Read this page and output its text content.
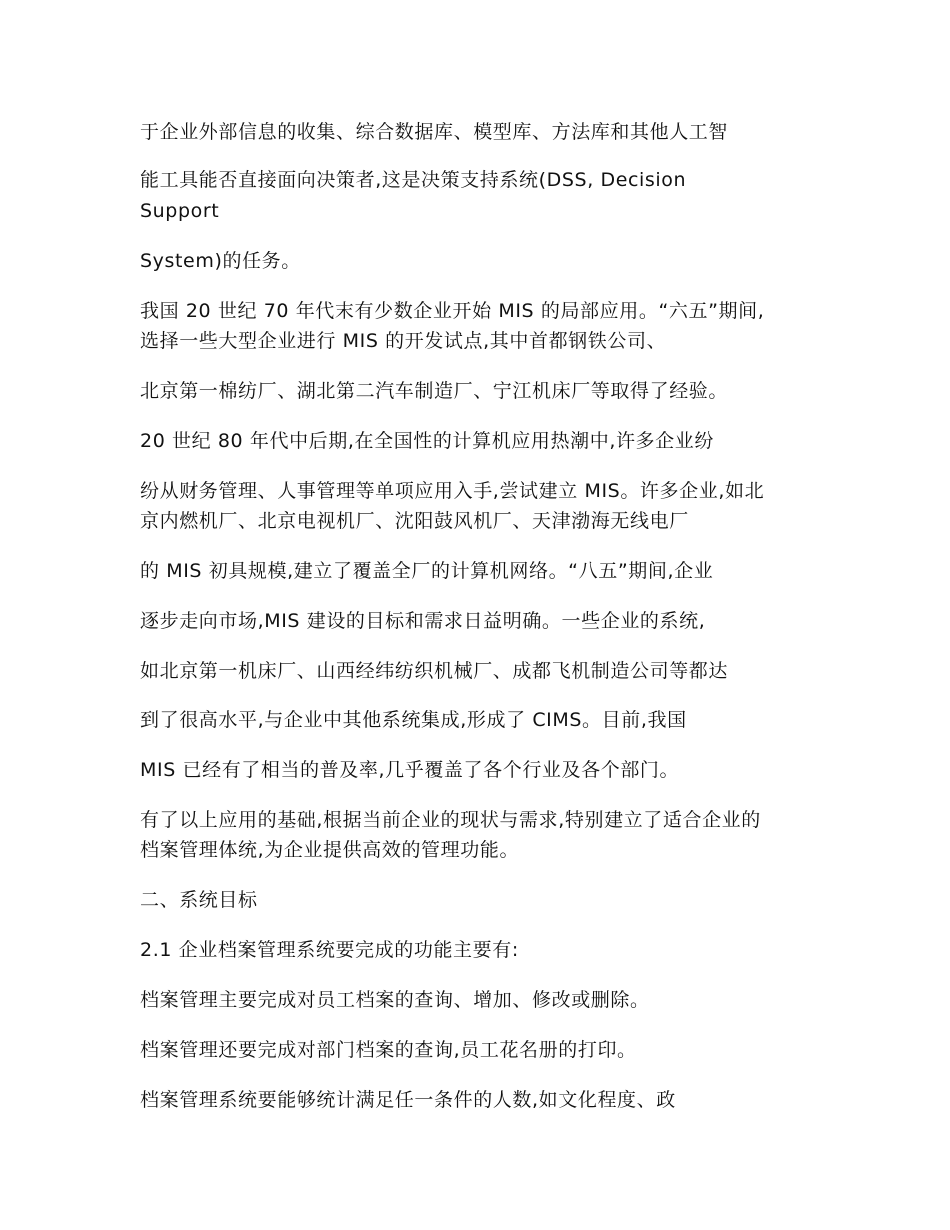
于企业外部信息的收集、综合数据库、模型库、方法库和其他人工智
能工具能否直接面向决策者,这是决策支持系统(DSS, Decision
Support
System)的任务。
我国 20 世纪 70 年代末有少数企业开始 MIS 的局部应用。“六五”期间,
选择一些大型企业进行 MIS 的开发试点,其中首都钢铁公司、
北京第一棉纺厂、湖北第二汽车制造厂、宁江机床厂等取得了经验。
20 世纪 80 年代中后期,在全国性的计算机应用热潮中,许多企业纷
纷从财务管理、人事管理等单项应用入手,尝试建立 MIS。许多企业,如北
京内燃机厂、北京电视机厂、沈阳鼓风机厂、天津渤海无线电厂
的 MIS 初具规模,建立了覆盖全厂的计算机网络。“八五”期间,企业
逐步走向市场,MIS 建设的目标和需求日益明确。一些企业的系统,
如北京第一机床厂、山西经纬纺织机械厂、成都飞机制造公司等都达
到了很高水平,与企业中其他系统集成,形成了 CIMS。目前,我国
MIS 已经有了相当的普及率,几乎覆盖了各个行业及各个部门。
有了以上应用的基础,根据当前企业的现状与需求,特别建立了适合企业的
档案管理体统,为企业提供高效的管理功能。
二、系统目标
2.1 企业档案管理系统要完成的功能主要有:
档案管理主要完成对员工档案的查询、增加、修改或删除。
档案管理还要完成对部门档案的查询,员工花名册的打印。
档案管理系统要能够统计满足任一条件的人数,如文化程度、政
